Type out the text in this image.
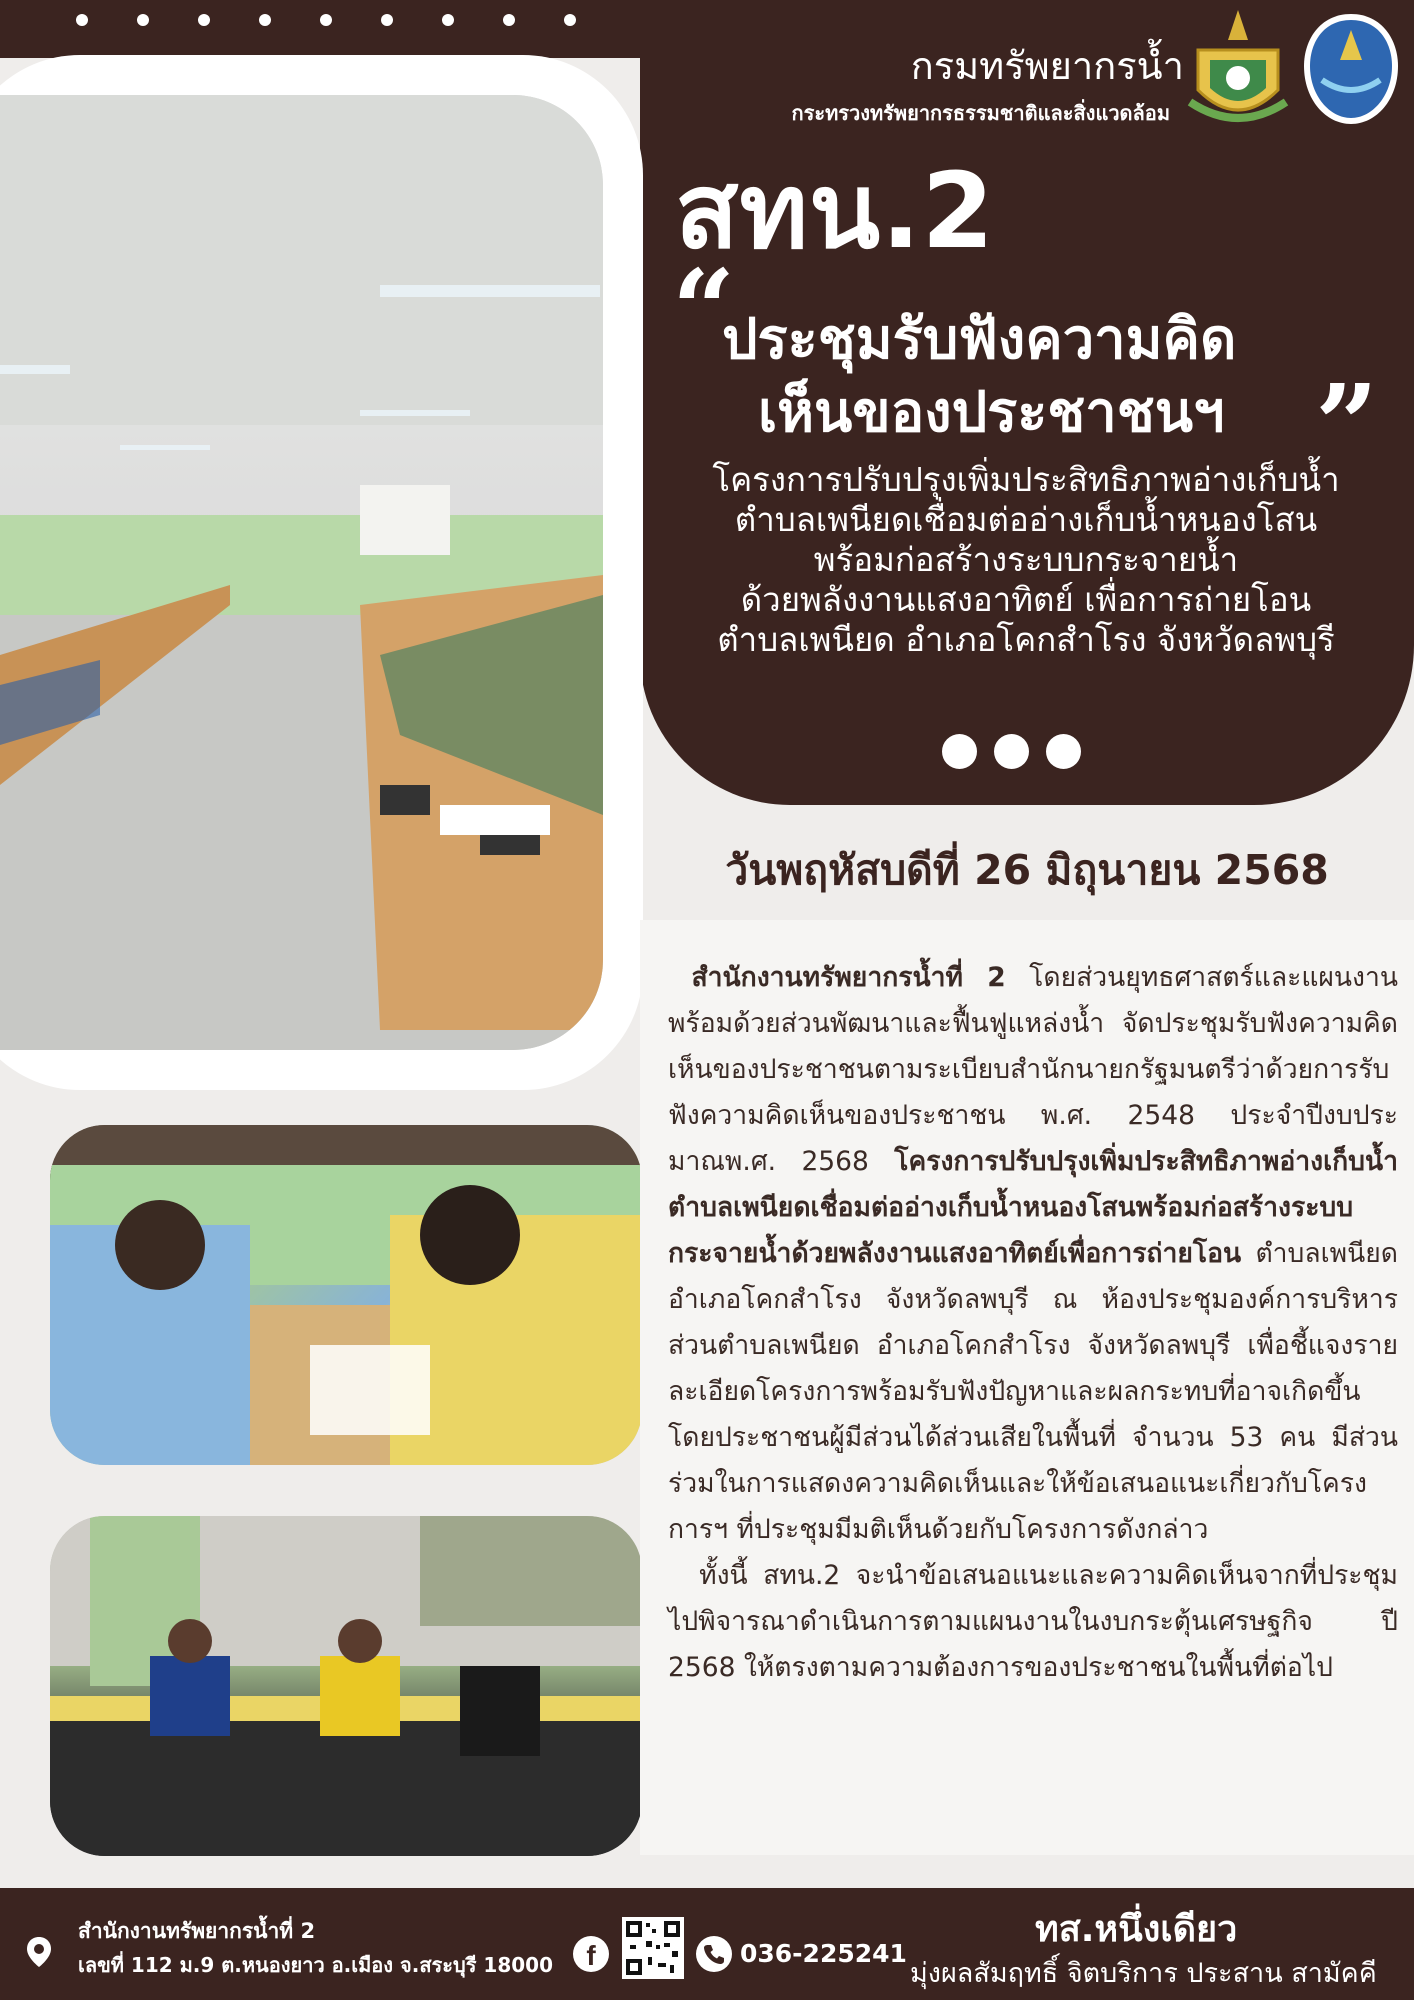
กรมทรัพยากรน้ำ
กระทรวงทรัพยากรธรรมชาติและสิ่งแวดล้อม
สทน.2
“
ประชุมรับฟังความคิด
เห็นของประชาชนฯ ”
โครงการปรับปรุงเพิ่มประสิทธิภาพอ่างเก็บน้ำ
ตำบลเพนียดเชื่อมต่ออ่างเก็บน้ำหนองโสน
พร้อมก่อสร้างระบบกระจายน้ำ
ด้วยพลังงานแสงอาทิตย์ เพื่อการถ่ายโอน
ตำบลเพนียด อำเภอโคกสำโรง จังหวัดลพบุรี
วันพฤหัสบดีที่ 26 มิถุนายน 2568

สำนักงานทรัพยากรน้ำที่ 2 โดยส่วนยุทธศาสตร์และแผนงานพร้อมด้วยส่วนพัฒนาและฟื้นฟูแหล่งน้ำ จัดประชุมรับฟังความคิดเห็นของประชาชนตามระเบียบสำนักนายกรัฐมนตรีว่าด้วยการรับฟังความคิดเห็นของประชาชน พ.ศ. 2548 ประจำปีงบประมาณพ.ศ. 2568 โครงการปรับปรุงเพิ่มประสิทธิภาพอ่างเก็บน้ำตำบลเพนียดเชื่อมต่ออ่างเก็บน้ำหนองโสนพร้อมก่อสร้างระบบกระจายน้ำด้วยพลังงานแสงอาทิตย์เพื่อการถ่ายโอน ตำบลเพนียด อำเภอโคกสำโรง จังหวัดลพบุรี ณ ห้องประชุมองค์การบริหารส่วนตำบลเพนียด อำเภอโคกสำโรง จังหวัดลพบุรี เพื่อชี้แจงรายละเอียดโครงการพร้อมรับฟังปัญหาและผลกระทบที่อาจเกิดขึ้น โดยประชาชนผู้มีส่วนได้ส่วนเสียในพื้นที่ จำนวน 53 คน มีส่วนร่วมในการแสดงความคิดเห็นและให้ข้อเสนอแนะเกี่ยวกับโครงการฯ ที่ประชุมมีมติเห็นด้วยกับโครงการดังกล่าว

ทั้งนี้ สทน.2 จะนำข้อเสนอแนะและความคิดเห็นจากที่ประชุมไปพิจารณาดำเนินการตามแผนงานในงบกระตุ้นเศรษฐกิจ ปี 2568 ให้ตรงตามความต้องการของประชาชนในพื้นที่ต่อไป

สำนักงานทรัพยากรน้ำที่ 2
เลขที่ 112 ม.9 ต.หนองยาว อ.เมือง จ.สระบุรี 18000	f	036-225241
ทส.หนึ่งเดียว
มุ่งผลสัมฤทธิ์ จิตบริการ ประสาน สามัคคี
